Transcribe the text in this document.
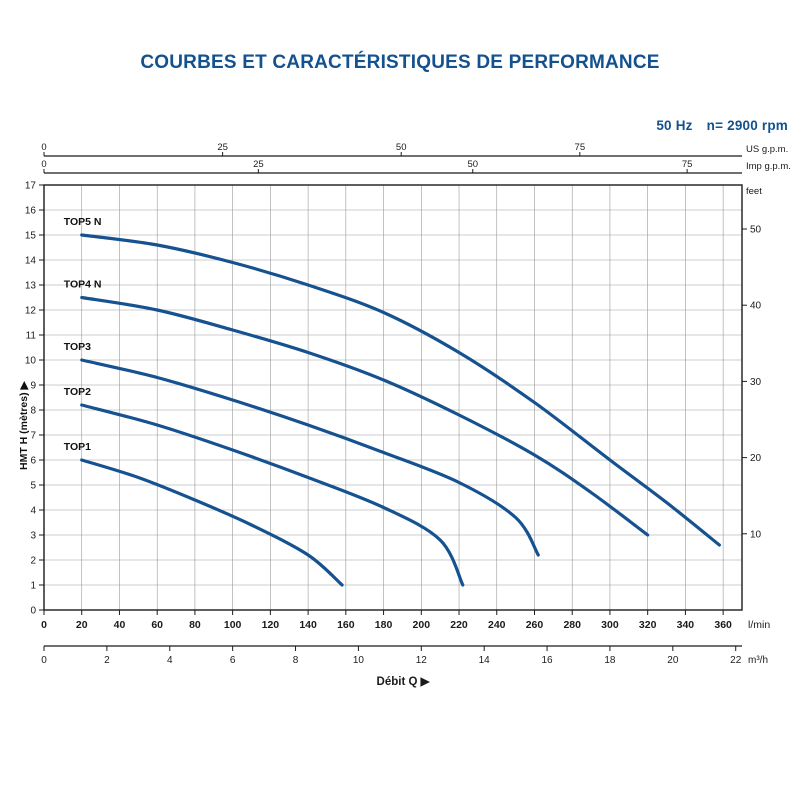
COURBES ET CARACTÉRISTIQUES DE PERFORMANCE
50 Hz n= 2900 rpm
0	25	50	75
0	25	50	75
0
1
2
3
4
5
6
7
8
9
10
11
12
13
14
15
16
17
10
20
30
40
50
0	20 40 60 80 100 120 140 160 180 200 220 240 260 280 300 320 340 360
0	2	4	6	8	10	12	14	16	18	20	22
TOP5 N
TOP4 N
TOP3
TOP2
TOP1
US g.p.m.
Imp g.p.m.
feet
l/min
m³/h
Débit Q ▶
HMT H (mètres) ▶
